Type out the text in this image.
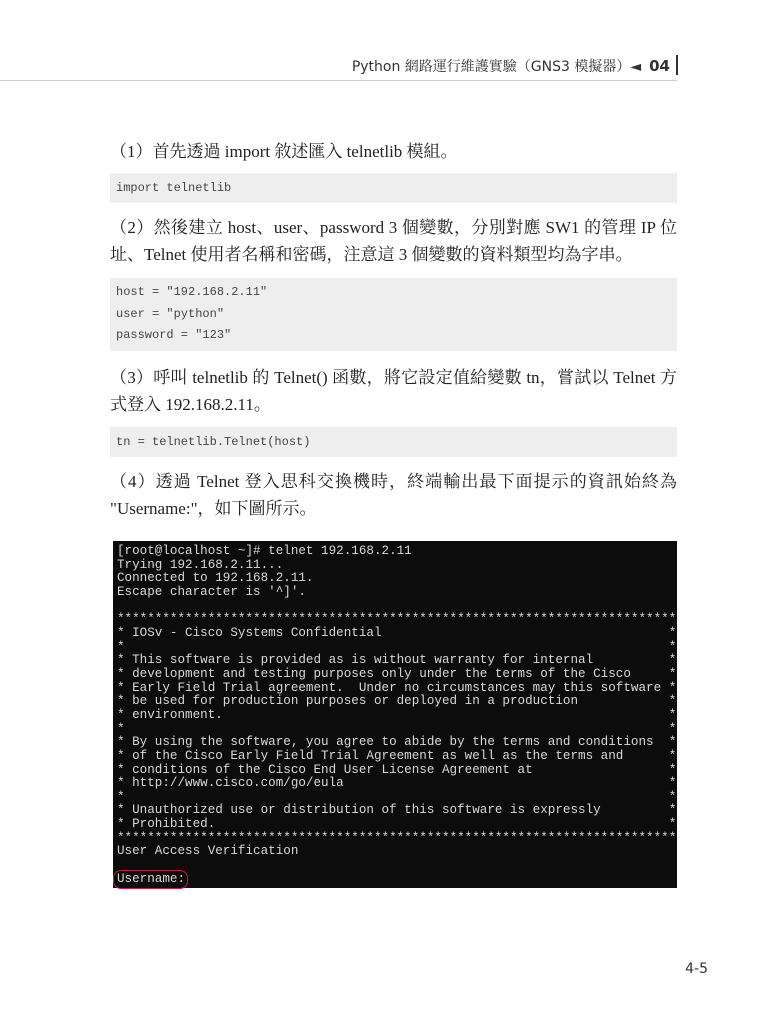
Python 網路運行維護實驗（GNS3 模擬器）◄ 04
（1）首先透過 import 敘述匯入 telnetlib 模組。
import telnetlib
（2）然後建立 host、user、password 3 個變數，分別對應 SW1 的管理 IP 位址、Telnet 使用者名稱和密碼，注意這 3 個變數的資料類型均為字串。
host = "192.168.2.11"
user = "python"
password = "123"
（3）呼叫 telnetlib 的 Telnet() 函數，將它設定值給變數 tn，嘗試以 Telnet 方式登入 192.168.2.11。
tn = telnetlib.Telnet(host)
（4）透過 Telnet 登入思科交換機時，終端輸出最下面提示的資訊始終為 "Username:"，如下圖所示。
[root@localhost ~]# telnet 192.168.2.11
Trying 192.168.2.11...
Connected to 192.168.2.11.
Escape character is '^]'.

**************************************************************************
* IOSv - Cisco Systems Confidential                                      *
*                                                                        *
* This software is provided as is without warranty for internal          *
* development and testing purposes only under the terms of the Cisco     *
* Early Field Trial agreement.  Under no circumstances may this software *
* be used for production purposes or deployed in a production            *
* environment.                                                           *
*                                                                        *
* By using the software, you agree to abide by the terms and conditions  *
* of the Cisco Early Field Trial Agreement as well as the terms and      *
* conditions of the Cisco End User License Agreement at                  *
* http://www.cisco.com/go/eula                                           *
*                                                                        *
* Unauthorized use or distribution of this software is expressly         *
* Prohibited.                                                            *
**************************************************************************
User Access Verification

Username:
4-5
